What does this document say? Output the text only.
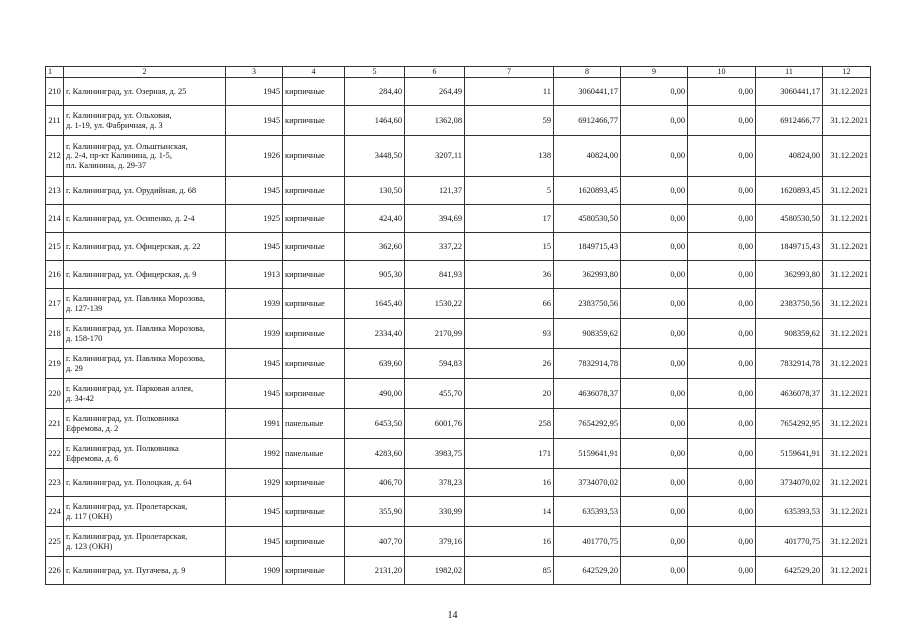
1	2	3	4	5	6	7	8	9	10	11	12
210	г. Калининград, ул. Озерная, д. 25	1945	кирпичные	284,40	264,49	11	3060441,17	0,00	0,00	3060441,17	31.12.2021
211	г. Калининград, ул. Ольховая,
д. 1-19, ул. Фабричная, д. 3	1945	кирпичные	1464,60	1362,08	59	6912466,77	0,00	0,00	6912466,77	31.12.2021
212	г. Калининград, ул. Ольштынская,
д. 2-4, пр-кт Калинина, д. 1-5,
пл. Калинина, д. 29-37	1926	кирпичные	3448,50	3207,11	138	40824,00	0,00	0,00	40824,00	31.12.2021
213	г. Калининград, ул. Орудийная, д. 68	1945	кирпичные	130,50	121,37	5	1620893,45	0,00	0,00	1620893,45	31.12.2021
214	г. Калининград, ул. Осипенко, д. 2-4	1925	кирпичные	424,40	394,69	17	4580530,50	0,00	0,00	4580530,50	31.12.2021
215	г. Калининград, ул. Офицерская, д. 22	1945	кирпичные	362,60	337,22	15	1849715,43	0,00	0,00	1849715,43	31.12.2021
216	г. Калининград, ул. Офицерская, д. 9	1913	кирпичные	905,30	841,93	36	362993,80	0,00	0,00	362993,80	31.12.2021
217	г. Калининград, ул. Павлика Морозова,
д. 127-139	1939	кирпичные	1645,40	1530,22	66	2383750,56	0,00	0,00	2383750,56	31.12.2021
218	г. Калининград, ул. Павлика Морозова,
д. 158-170	1939	кирпичные	2334,40	2170,99	93	908359,62	0,00	0,00	908359,62	31.12.2021
219	г. Калининград, ул. Павлика Морозова,
д. 29	1945	кирпичные	639,60	594,83	26	7832914,78	0,00	0,00	7832914,78	31.12.2021
220	г. Калининград, ул. Парковая аллея,
д. 34-42	1945	кирпичные	490,00	455,70	20	4636078,37	0,00	0,00	4636078,37	31.12.2021
221	г. Калининград, ул. Полковника
Ефремова, д. 2	1991	панельные	6453,50	6001,76	258	7654292,95	0,00	0,00	7654292,95	31.12.2021
222	г. Калининград, ул. Полковника
Ефремова, д. 6	1992	панельные	4283,60	3983,75	171	5159641,91	0,00	0,00	5159641,91	31.12.2021
223	г. Калининград, ул. Полоцкая, д. 64	1929	кирпичные	406,70	378,23	16	3734070,02	0,00	0,00	3734070,02	31.12.2021
224	г. Калининград, ул. Пролетарская,
д. 117 (ОКН)	1945	кирпичные	355,90	330,99	14	635393,53	0,00	0,00	635393,53	31.12.2021
225	г. Калининград, ул. Пролетарская,
д. 123 (ОКН)	1945	кирпичные	407,70	379,16	16	401770,75	0,00	0,00	401770,75	31.12.2021
226	г. Калининград, ул. Пугачева, д. 9	1909	кирпичные	2131,20	1982,02	85	642529,20	0,00	0,00	642529,20	31.12.2021
14
